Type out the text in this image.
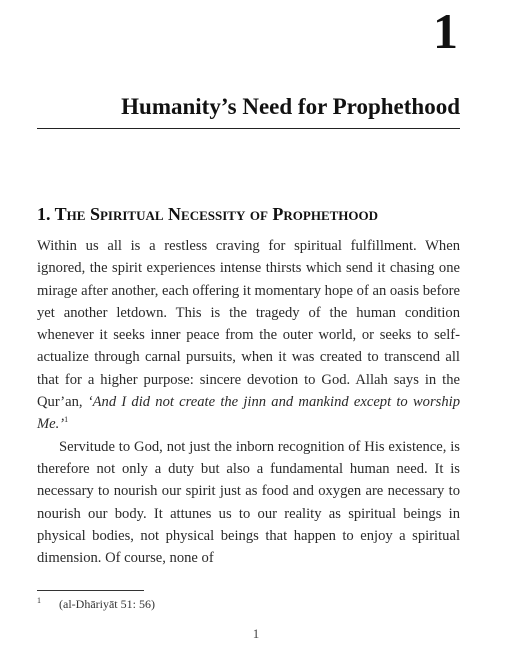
1
Humanity’s Need for Prophethood
1. The Spiritual Necessity of Prophethood

Within us all is a restless craving for spiritual fulfillment. When ignored, the spirit experiences intense thirsts which send it chasing one mirage after another, each offering it momentary hope of an oasis before yet another letdown. This is the tragedy of the human condition whenever it seeks inner peace from the outer world, or seeks to self-actualize through carnal pursuits, when it was created to transcend all that for a higher purpose: sincere devotion to God. Allah says in the Qur’an, ‘And I did not create the jinn and mankind except to worship Me.’$^1$

Servitude to God, not just the inborn recognition of His existence, is therefore not only a duty but also a fundamental human need. It is necessary to nourish our spirit just as food and oxygen are necessary to nourish our body. It attunes us to our reality as spiritual beings in physical bodies, not physical beings that happen to enjoy a spiritual dimension. Of course, none of

$^1$ (al-Dhāriyāt 51: 56)
1
